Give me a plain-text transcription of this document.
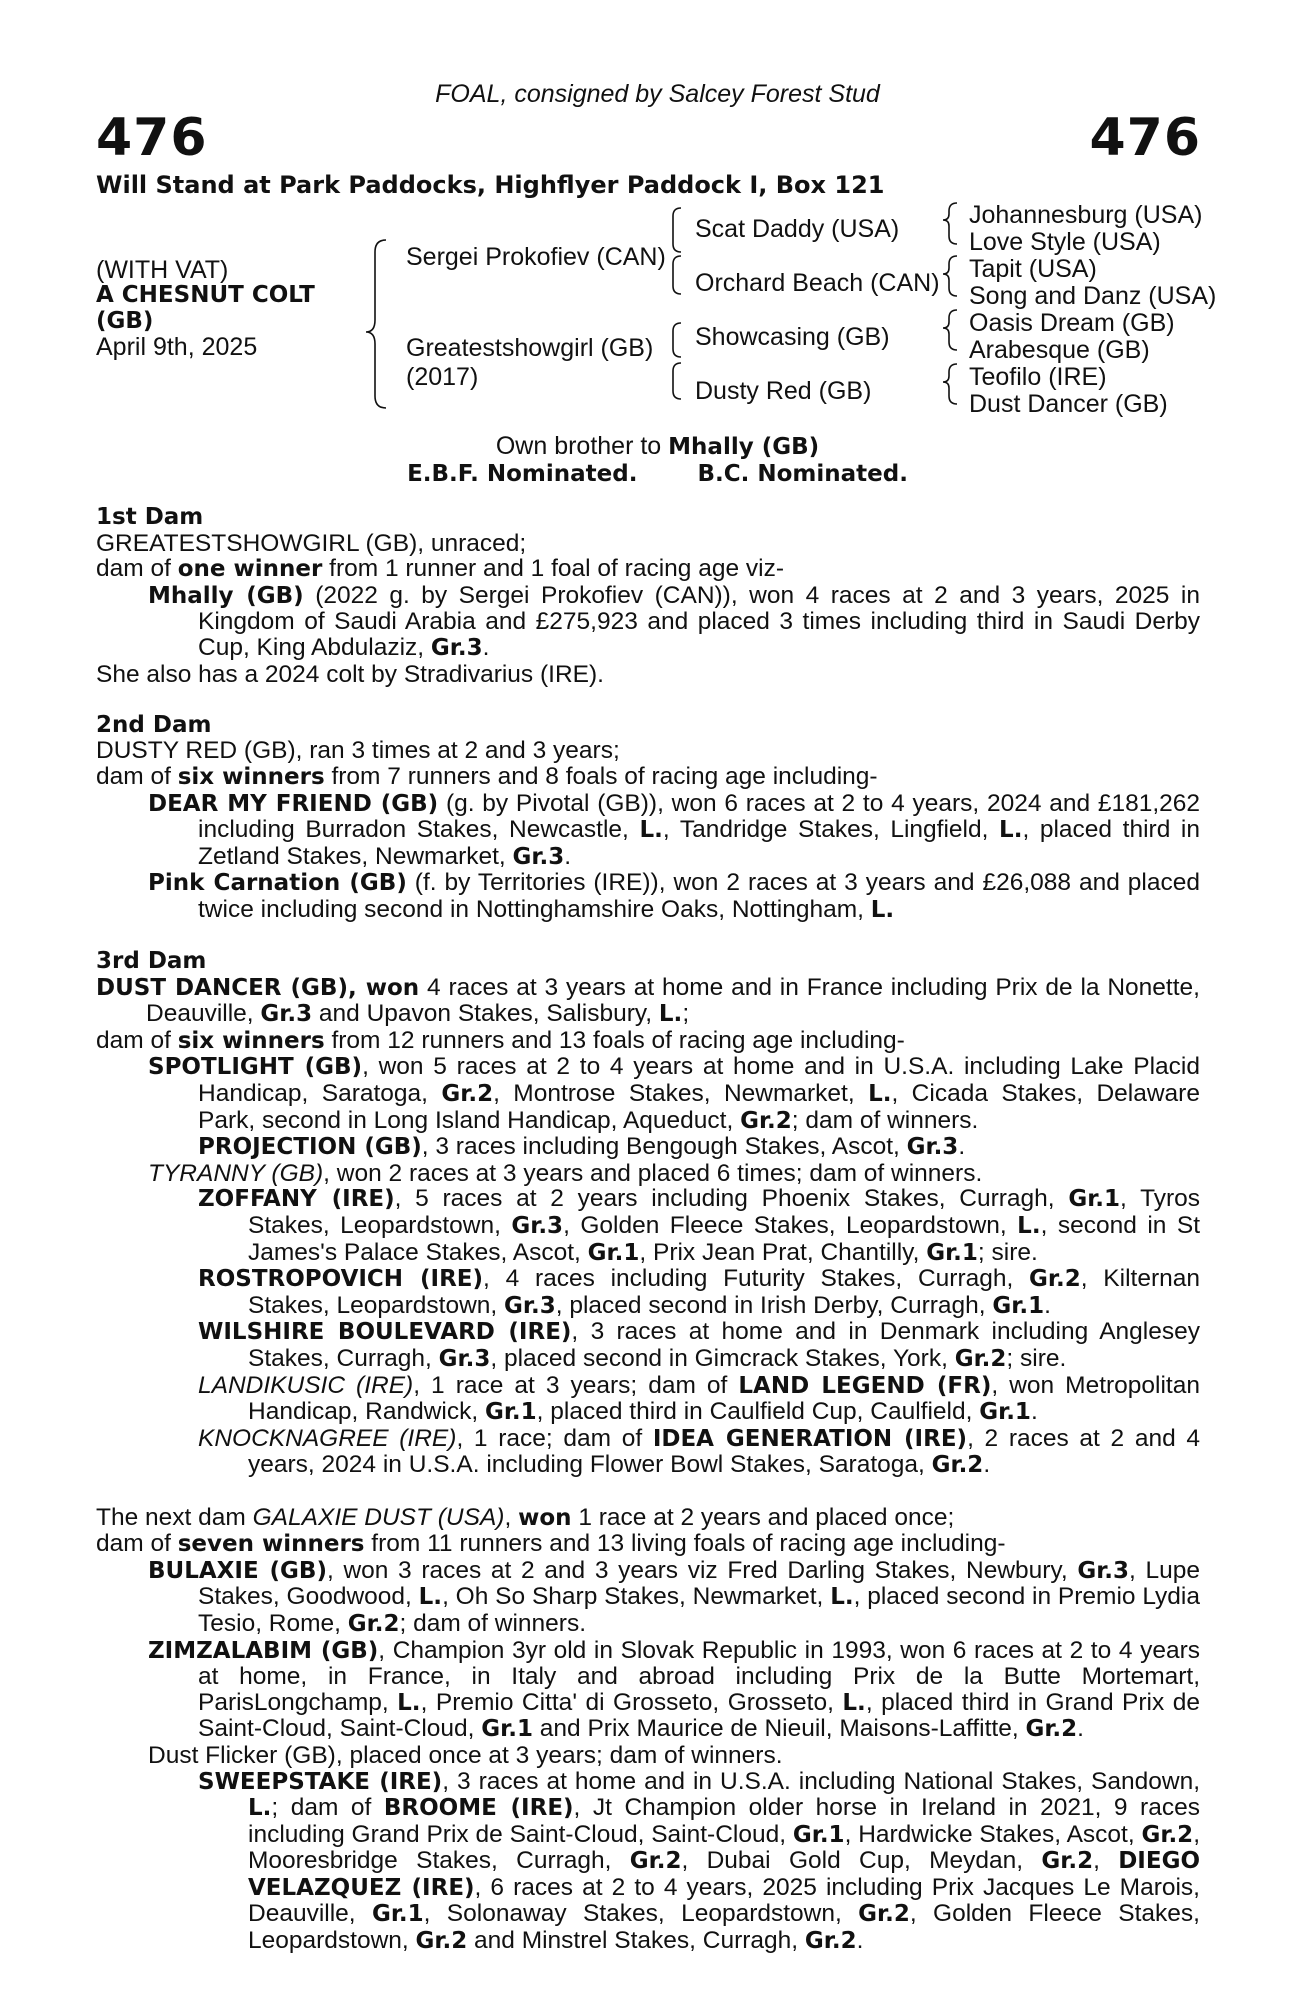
FOAL, consigned by Salcey Forest Stud
476	476
Will Stand at Park Paddocks, Highflyer Paddock I, Box 121
(WITH VAT)
A CHESNUT COLT
(GB)
April 9th, 2025
Sergei Prokofiev (CAN)
Greatestshowgirl (GB)
(2017)
Scat Daddy (USA)
Orchard Beach (CAN)
Showcasing (GB)
Dusty Red (GB)
Johannesburg (USA)
Love Style (USA)
Tapit (USA)
Song and Danz (USA)
Oasis Dream (GB)
Arabesque (GB)
Teofilo (IRE)
Dust Dancer (GB)
Own brother to Mhally (GB)
E.B.F. Nominated.	B.C. Nominated.

1st Dam

GREATESTSHOWGIRL (GB), unraced;

dam of one winner from 1 runner and 1 foal of racing age viz-

Mhally (GB) (2022 g. by Sergei Prokofiev (CAN)), won 4 races at 2 and 3 years, 2025 in Kingdom of Saudi Arabia and £275,923 and placed 3 times including third in Saudi Derby Cup, King Abdulaziz, Gr.3.

She also has a 2024 colt by Stradivarius (IRE).

2nd Dam

DUSTY RED (GB), ran 3 times at 2 and 3 years;

dam of six winners from 7 runners and 8 foals of racing age including-

DEAR MY FRIEND (GB) (g. by Pivotal (GB)), won 6 races at 2 to 4 years, 2024 and £181,262 including Burradon Stakes, Newcastle, L., Tandridge Stakes, Lingfield, L., placed third in Zetland Stakes, Newmarket, Gr.3.

Pink Carnation (GB) (f. by Territories (IRE)), won 2 races at 3 years and £26,088 and placed twice including second in Nottinghamshire Oaks, Nottingham, L.

3rd Dam

DUST DANCER (GB), won 4 races at 3 years at home and in France including Prix de la Nonette, Deauville, Gr.3 and Upavon Stakes, Salisbury, L.;

dam of six winners from 12 runners and 13 foals of racing age including-

SPOTLIGHT (GB), won 5 races at 2 to 4 years at home and in U.S.A. including Lake Placid Handicap, Saratoga, Gr.2, Montrose Stakes, Newmarket, L., Cicada Stakes, Delaware Park, second in Long Island Handicap, Aqueduct, Gr.2; dam of winners.

PROJECTION (GB), 3 races including Bengough Stakes, Ascot, Gr.3.

TYRANNY (GB), won 2 races at 3 years and placed 6 times; dam of winners.

ZOFFANY (IRE), 5 races at 2 years including Phoenix Stakes, Curragh, Gr.1, Tyros Stakes, Leopardstown, Gr.3, Golden Fleece Stakes, Leopardstown, L., second in St James's Palace Stakes, Ascot, Gr.1, Prix Jean Prat, Chantilly, Gr.1; sire.

ROSTROPOVICH (IRE), 4 races including Futurity Stakes, Curragh, Gr.2, Kilternan Stakes, Leopardstown, Gr.3, placed second in Irish Derby, Curragh, Gr.1.

WILSHIRE BOULEVARD (IRE), 3 races at home and in Denmark including Anglesey Stakes, Curragh, Gr.3, placed second in Gimcrack Stakes, York, Gr.2; sire.

LANDIKUSIC (IRE), 1 race at 3 years; dam of LAND LEGEND (FR), won Metropolitan Handicap, Randwick, Gr.1, placed third in Caulfield Cup, Caulfield, Gr.1.

KNOCKNAGREE (IRE), 1 race; dam of IDEA GENERATION (IRE), 2 races at 2 and 4 years, 2024 in U.S.A. including Flower Bowl Stakes, Saratoga, Gr.2.

The next dam GALAXIE DUST (USA), won 1 race at 2 years and placed once;

dam of seven winners from 11 runners and 13 living foals of racing age including-

BULAXIE (GB), won 3 races at 2 and 3 years viz Fred Darling Stakes, Newbury, Gr.3, Lupe Stakes, Goodwood, L., Oh So Sharp Stakes, Newmarket, L., placed second in Premio Lydia Tesio, Rome, Gr.2; dam of winners.

ZIMZALABIM (GB), Champion 3yr old in Slovak Republic in 1993, won 6 races at 2 to 4 years at home, in France, in Italy and abroad including Prix de la Butte Mortemart, ParisLongchamp, L., Premio Citta' di Grosseto, Grosseto, L., placed third in Grand Prix de Saint-Cloud, Saint-Cloud, Gr.1 and Prix Maurice de Nieuil, Maisons-Laffitte, Gr.2.

Dust Flicker (GB), placed once at 3 years; dam of winners.

SWEEPSTAKE (IRE), 3 races at home and in U.S.A. including National Stakes, Sandown, L.; dam of BROOME (IRE), Jt Champion older horse in Ireland in 2021, 9 races including Grand Prix de Saint-Cloud, Saint-Cloud, Gr.1, Hardwicke Stakes, Ascot, Gr.2, Mooresbridge Stakes, Curragh, Gr.2, Dubai Gold Cup, Meydan, Gr.2, DIEGO VELAZQUEZ (IRE), 6 races at 2 to 4 years, 2025 including Prix Jacques Le Marois, Deauville, Gr.1, Solonaway Stakes, Leopardstown, Gr.2, Golden Fleece Stakes, Leopardstown, Gr.2 and Minstrel Stakes, Curragh, Gr.2.
